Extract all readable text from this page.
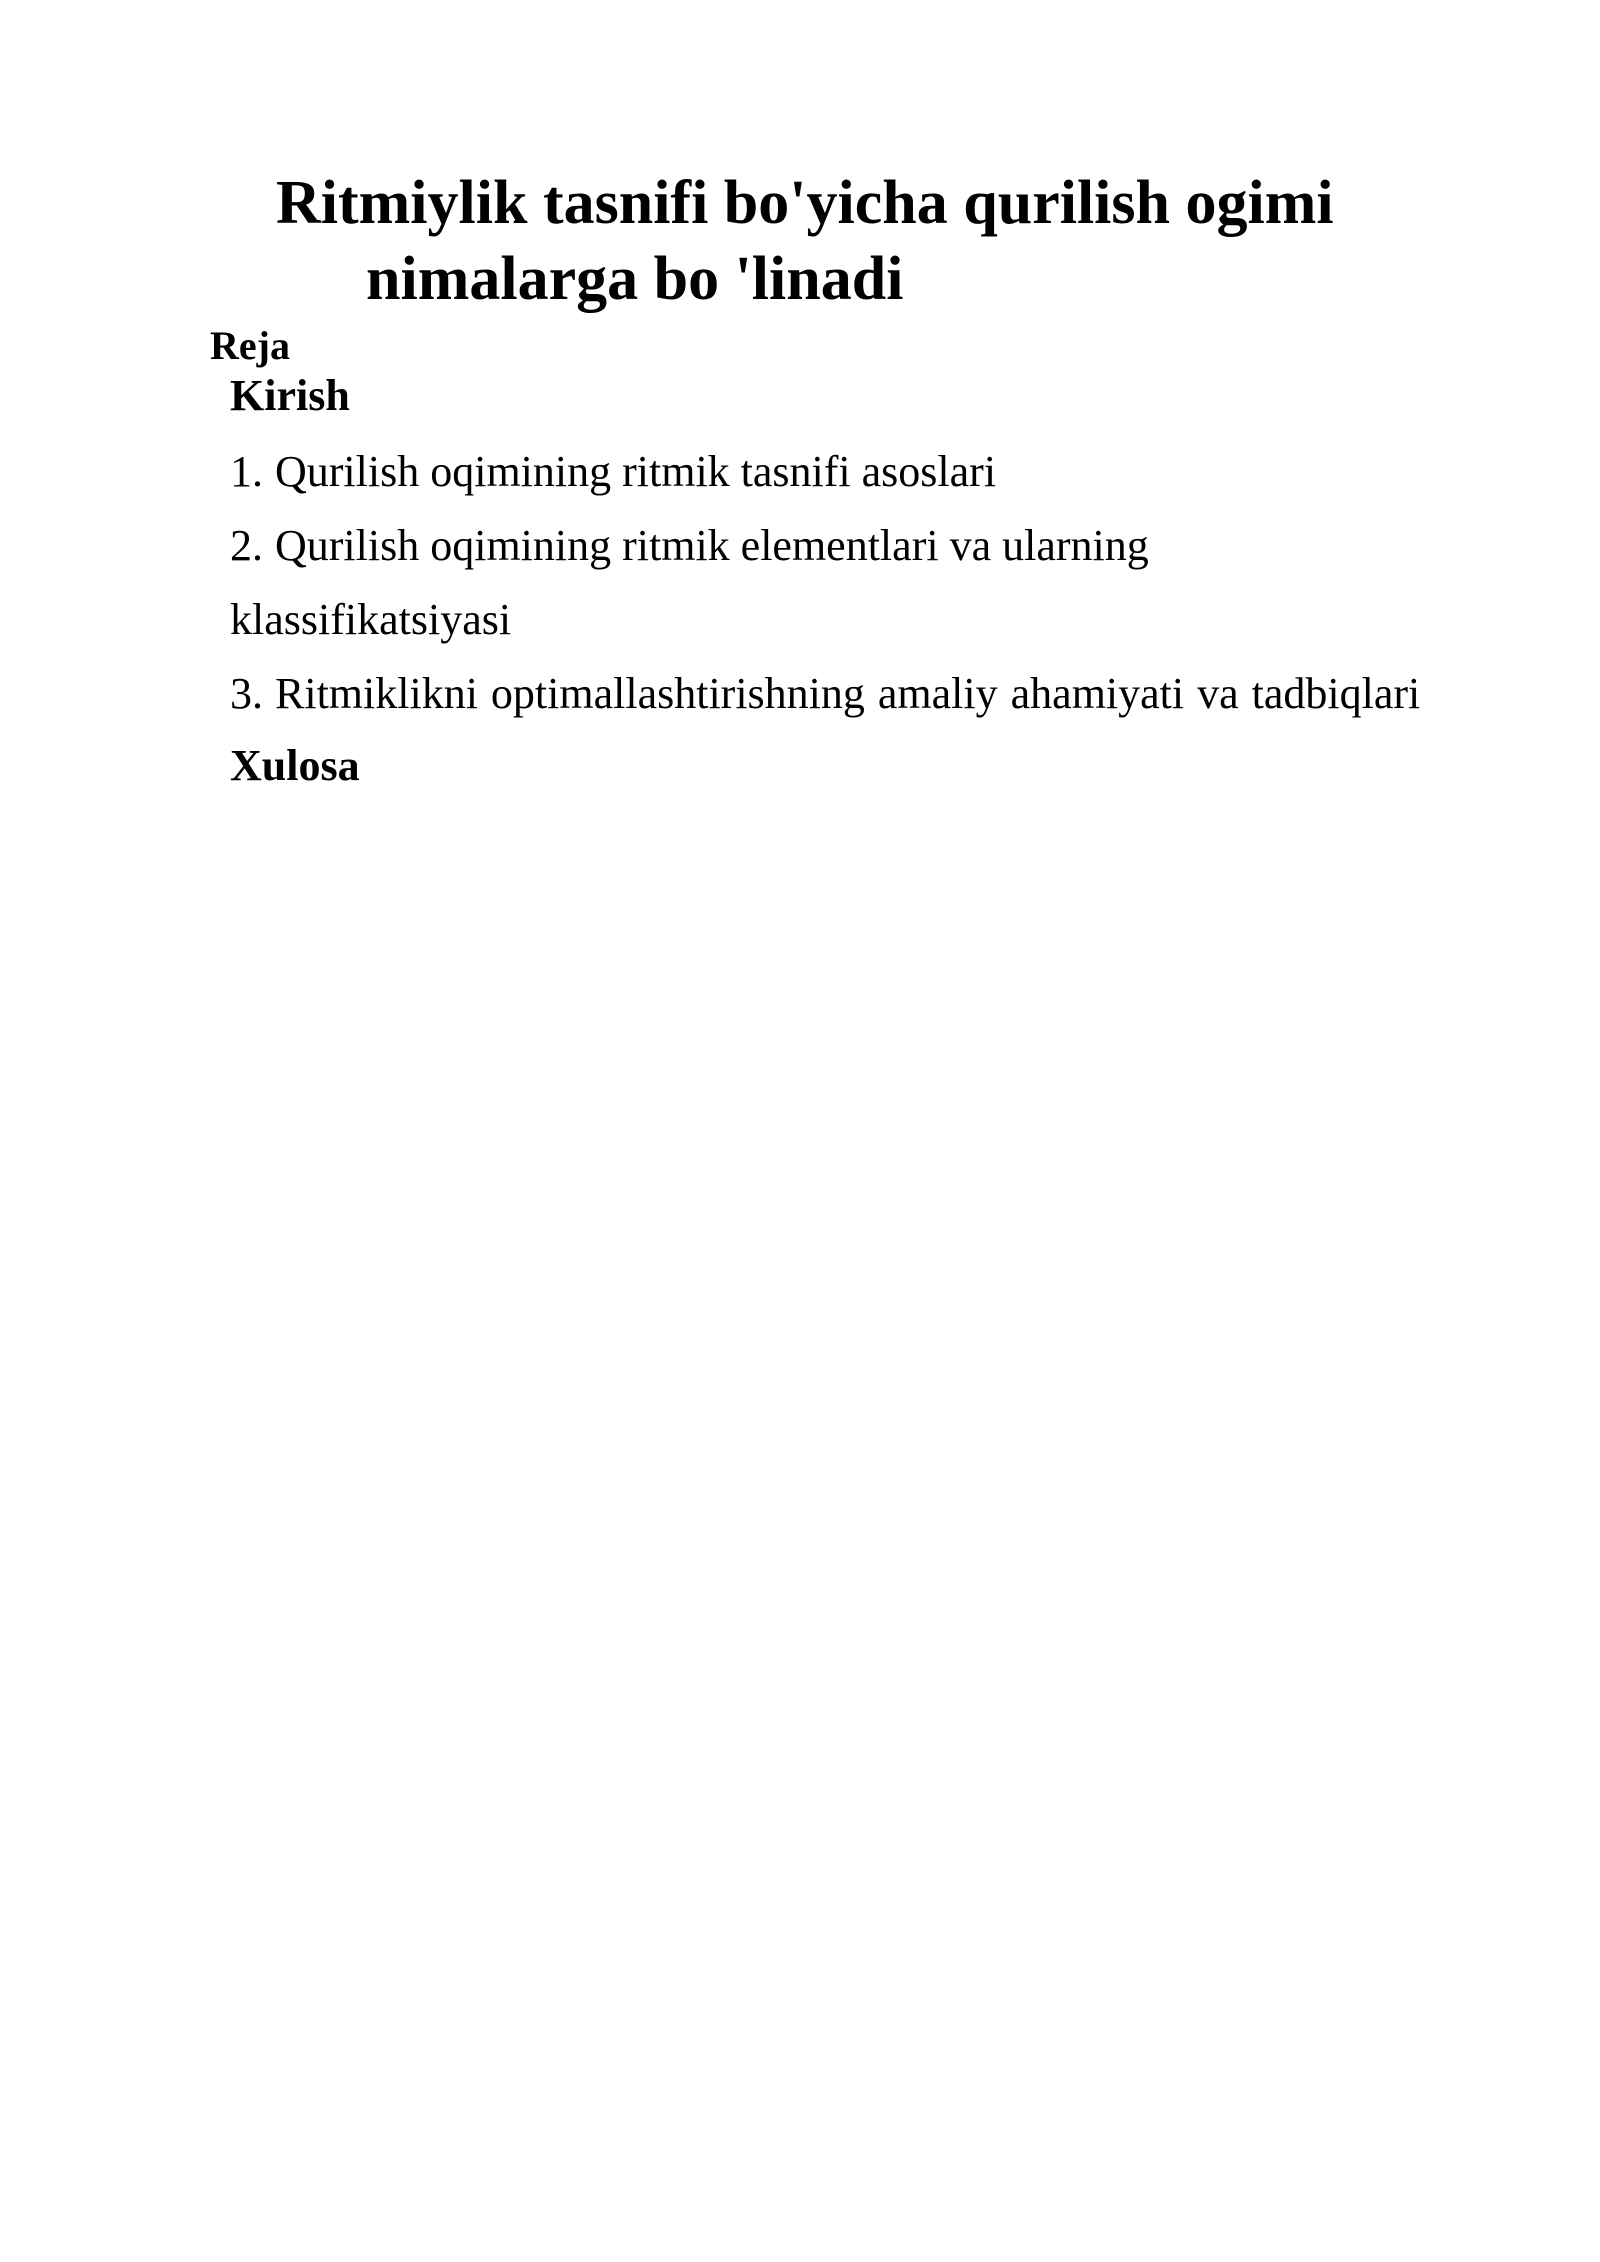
Ritmiylik tasnifi bo'yicha qurilish ogimi
nimalarga bo 'linadi

Reja

Kirish

1. Qurilish oqimining ritmik tasnifi asoslari

2. Qurilish oqimining ritmik elementlari va ularning

klassifikatsiyasi

3. Ritmiklikni optimallashtirishning amaliy ahamiyati va tadbiqlari

Xulosa
